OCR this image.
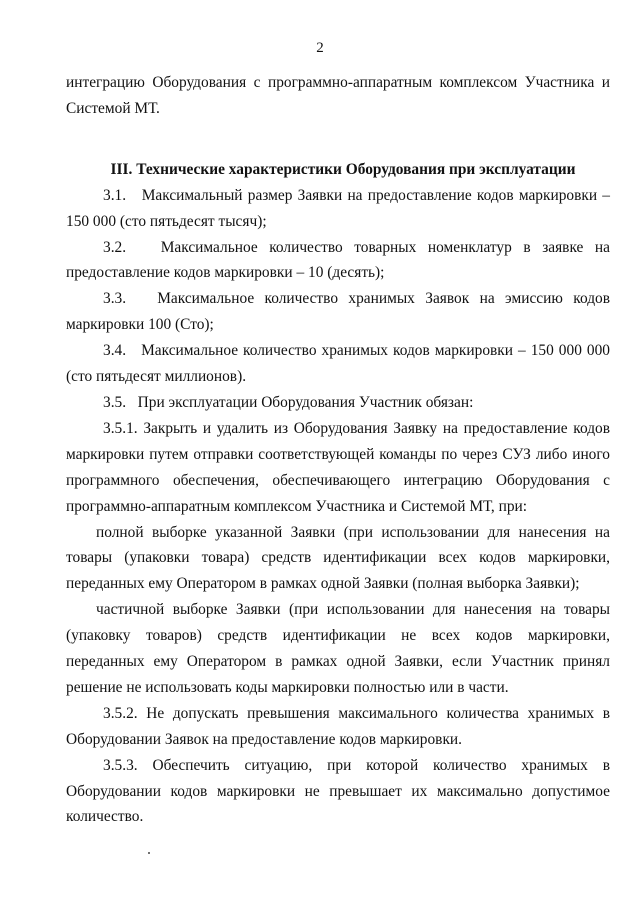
2

интеграцию Оборудования с программно-аппаратным комплексом Участника и Системой МТ.

III. Технические характеристики Оборудования при эксплуатации

3.1.   Максимальный размер Заявки на предоставление кодов маркировки – 150 000 (сто пятьдесят тысяч);

3.2.   Максимальное количество товарных номенклатур в заявке на предоставление кодов маркировки – 10 (десять);

3.3.   Максимальное количество хранимых Заявок на эмиссию кодов маркировки 100 (Сто);

3.4.   Максимальное количество хранимых кодов маркировки – 150 000 000 (сто пятьдесят миллионов).

3.5.   При эксплуатации Оборудования Участник обязан:

3.5.1. Закрыть и удалить из Оборудования Заявку на предоставление кодов маркировки путем отправки соответствующей команды по через СУЗ либо иного программного обеспечения, обеспечивающего интеграцию Оборудования с программно-аппаратным комплексом Участника и Системой МТ, при:

полной выборке указанной Заявки (при использовании для нанесения на товары (упаковки товара) средств идентификации всех кодов маркировки, переданных ему Оператором в рамках одной Заявки (полная выборка Заявки);

частичной выборке Заявки (при использовании для нанесения на товары (упаковку товаров) средств идентификации не всех кодов маркировки, переданных ему Оператором в рамках одной Заявки, если Участник принял решение не использовать коды маркировки полностью или в части.

3.5.2. Не допускать превышения максимального количества хранимых в Оборудовании Заявок на предоставление кодов маркировки.

3.5.3. Обеспечить ситуацию, при которой количество хранимых в Оборудовании кодов маркировки не превышает их максимально допустимое количество.
